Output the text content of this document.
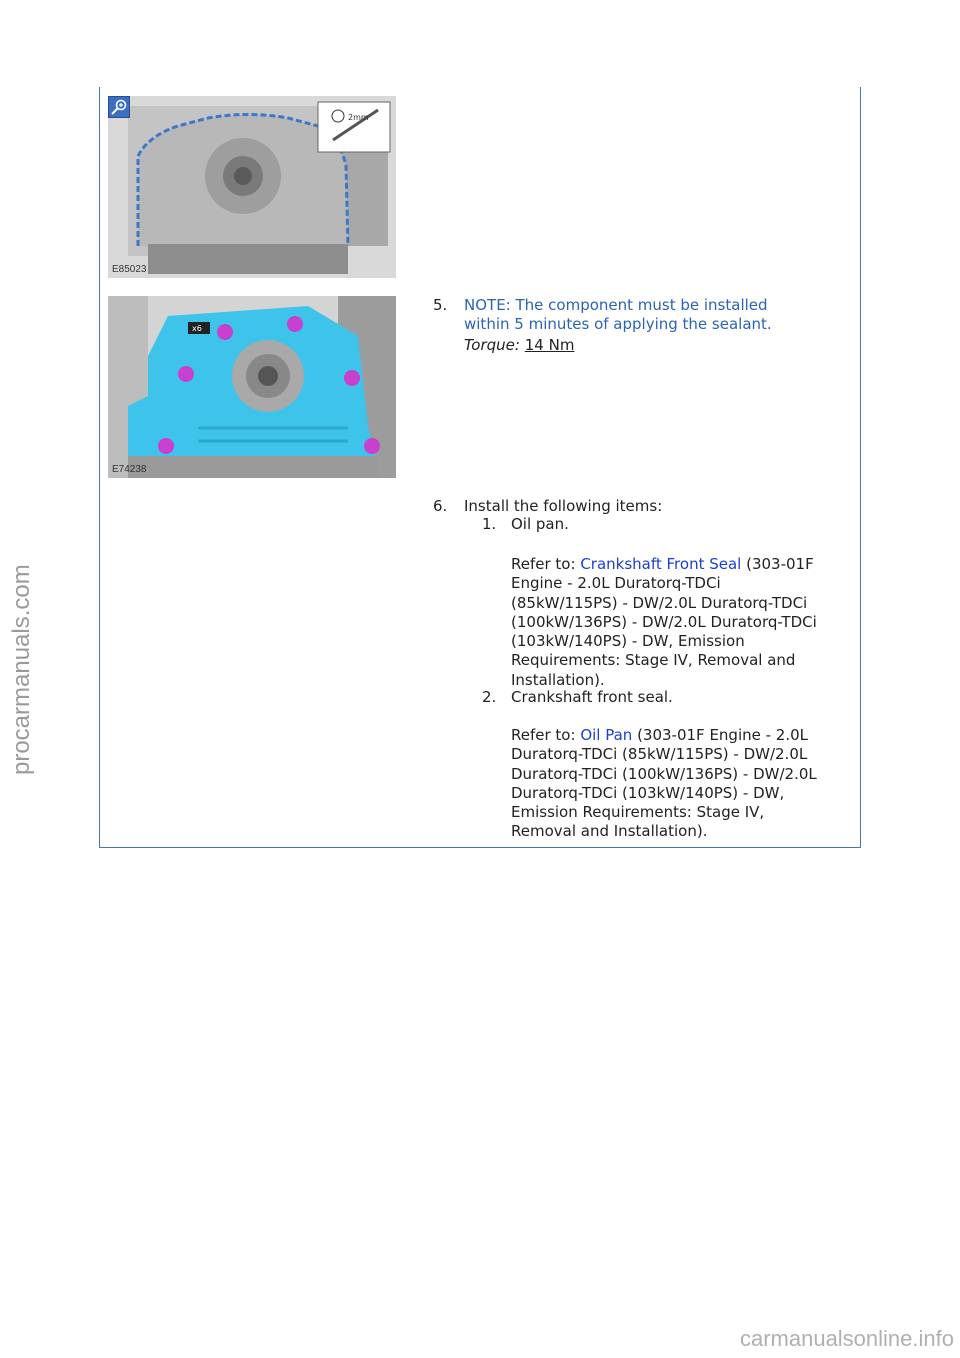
procarmanuals.com
2mm
E85023
x6
E74238
5. NOTE: The component must be installed
within 5 minutes of applying the sealant.
Torque: 14 Nm
6. Install the following items:
1. Oil pan.
Refer to: Crankshaft Front Seal (303-01F
Engine - 2.0L Duratorq-TDCi
(85kW/115PS) - DW/2.0L Duratorq-TDCi
(100kW/136PS) - DW/2.0L Duratorq-TDCi
(103kW/140PS) - DW, Emission
Requirements: Stage IV, Removal and
Installation).
2. Crankshaft front seal.
Refer to: Oil Pan (303-01F Engine - 2.0L
Duratorq-TDCi (85kW/115PS) - DW/2.0L
Duratorq-TDCi (100kW/136PS) - DW/2.0L
Duratorq-TDCi (103kW/140PS) - DW,
Emission Requirements: Stage IV,
Removal and Installation).
carmanualsonline.info
